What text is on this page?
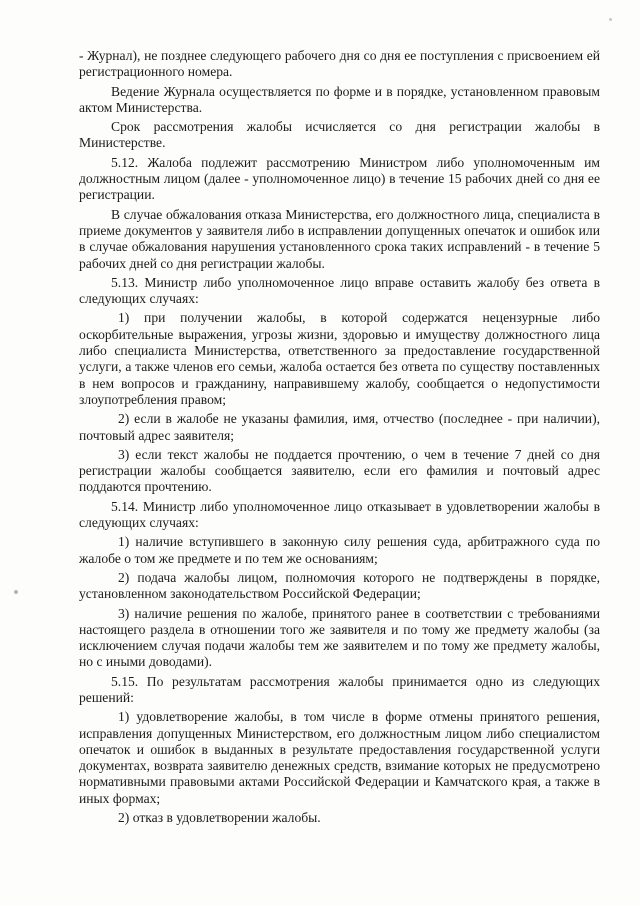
- Журнал), не позднее следующего рабочего дня со дня ее поступления с присвоением ей регистрационного номера.

Ведение Журнала осуществляется по форме и в порядке, установленном правовым актом Министерства.

Срок рассмотрения жалобы исчисляется со дня регистрации жалобы в Министерстве.

5.12. Жалоба подлежит рассмотрению Министром либо уполномоченным им должностным лицом (далее - уполномоченное лицо) в течение 15 рабочих дней со дня ее регистрации.

В случае обжалования отказа Министерства, его должностного лица, специалиста в приеме документов у заявителя либо в исправлении допущенных опечаток и ошибок или в случае обжалования нарушения установленного срока таких исправлений - в течение 5 рабочих дней со дня регистрации жалобы.

5.13. Министр либо уполномоченное лицо вправе оставить жалобу без ответа в следующих случаях:

1) при получении жалобы, в которой содержатся нецензурные либо оскорбительные выражения, угрозы жизни, здоровью и имуществу должностного лица либо специалиста Министерства, ответственного за предоставление государственной услуги, а также членов его семьи, жалоба остается без ответа по существу поставленных в нем вопросов и гражданину, направившему жалобу, сообщается о недопустимости злоупотребления правом;

2) если в жалобе не указаны фамилия, имя, отчество (последнее - при наличии), почтовый адрес заявителя;

3) если текст жалобы не поддается прочтению, о чем в течение 7 дней со дня регистрации жалобы сообщается заявителю, если его фамилия и почтовый адрес поддаются прочтению.

5.14. Министр либо уполномоченное лицо отказывает в удовлетворении жалобы в следующих случаях:

1) наличие вступившего в законную силу решения суда, арбитражного суда по жалобе о том же предмете и по тем же основаниям;

2) подача жалобы лицом, полномочия которого не подтверждены в порядке, установленном законодательством Российской Федерации;

3) наличие решения по жалобе, принятого ранее в соответствии с требованиями настоящего раздела в отношении того же заявителя и по тому же предмету жалобы (за исключением случая подачи жалобы тем же заявителем и по тому же предмету жалобы, но с иными доводами).

5.15. По результатам рассмотрения жалобы принимается одно из следующих решений:

1) удовлетворение жалобы, в том числе в форме отмены принятого решения, исправления допущенных Министерством, его должностным лицом либо специалистом опечаток и ошибок в выданных в результате предоставления государственной услуги документах, возврата заявителю денежных средств, взимание которых не предусмотрено нормативными правовыми актами Российской Федерации и Камчатского края, а также в иных формах;

2) отказ в удовлетворении жалобы.
